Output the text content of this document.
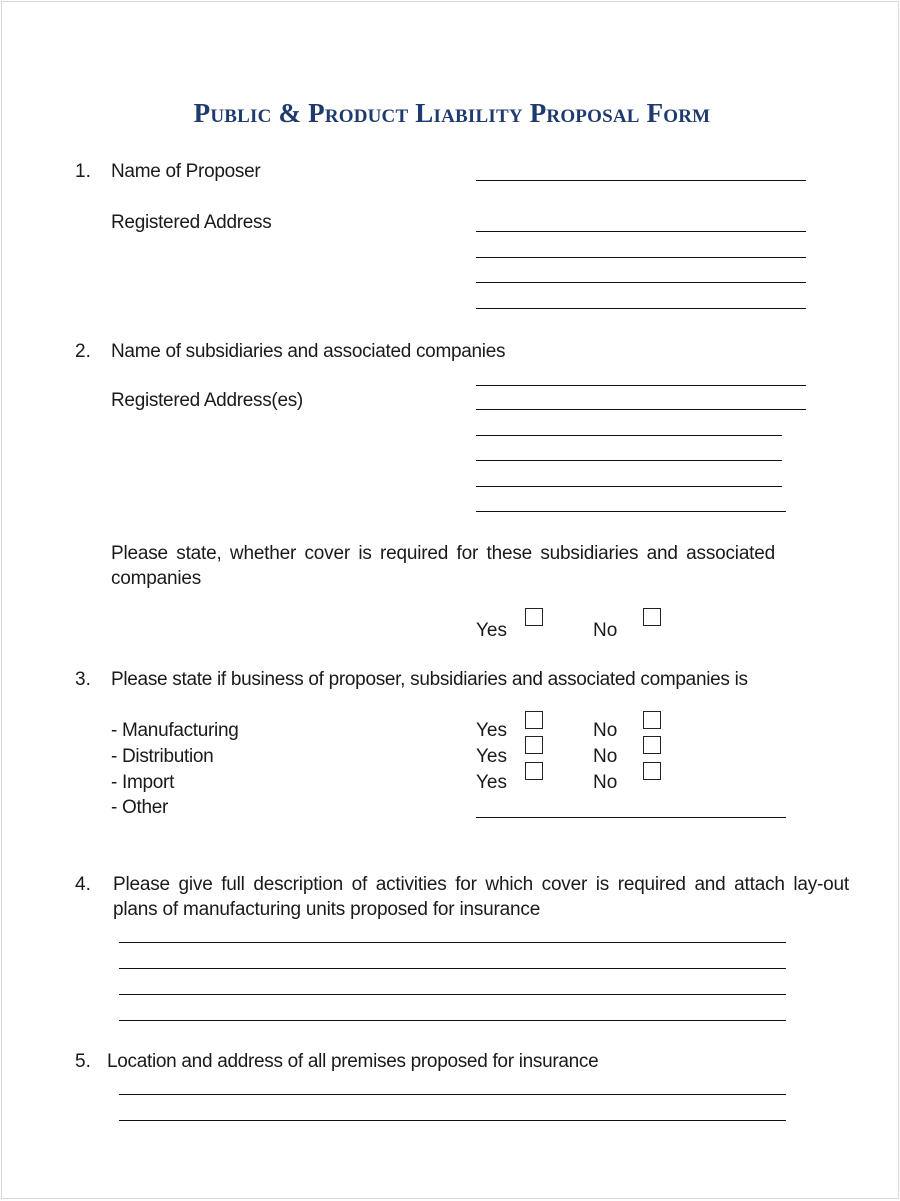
Public & Product Liability Proposal Form
1. Name of Proposer
Registered Address
2. Name of subsidiaries and associated companies
Registered Address(es)
Please state, whether cover is required for these subsidiaries and associated companies
Yes	No
3. Please state if business of proposer, subsidiaries and associated companies is
- Manufacturing	Yes	No
- Distribution	Yes	No
- Import	Yes	No
- Other
4. Please give full description of activities for which cover is required and attach lay-out plans of manufacturing units proposed for insurance
5. Location and address of all premises proposed for insurance
